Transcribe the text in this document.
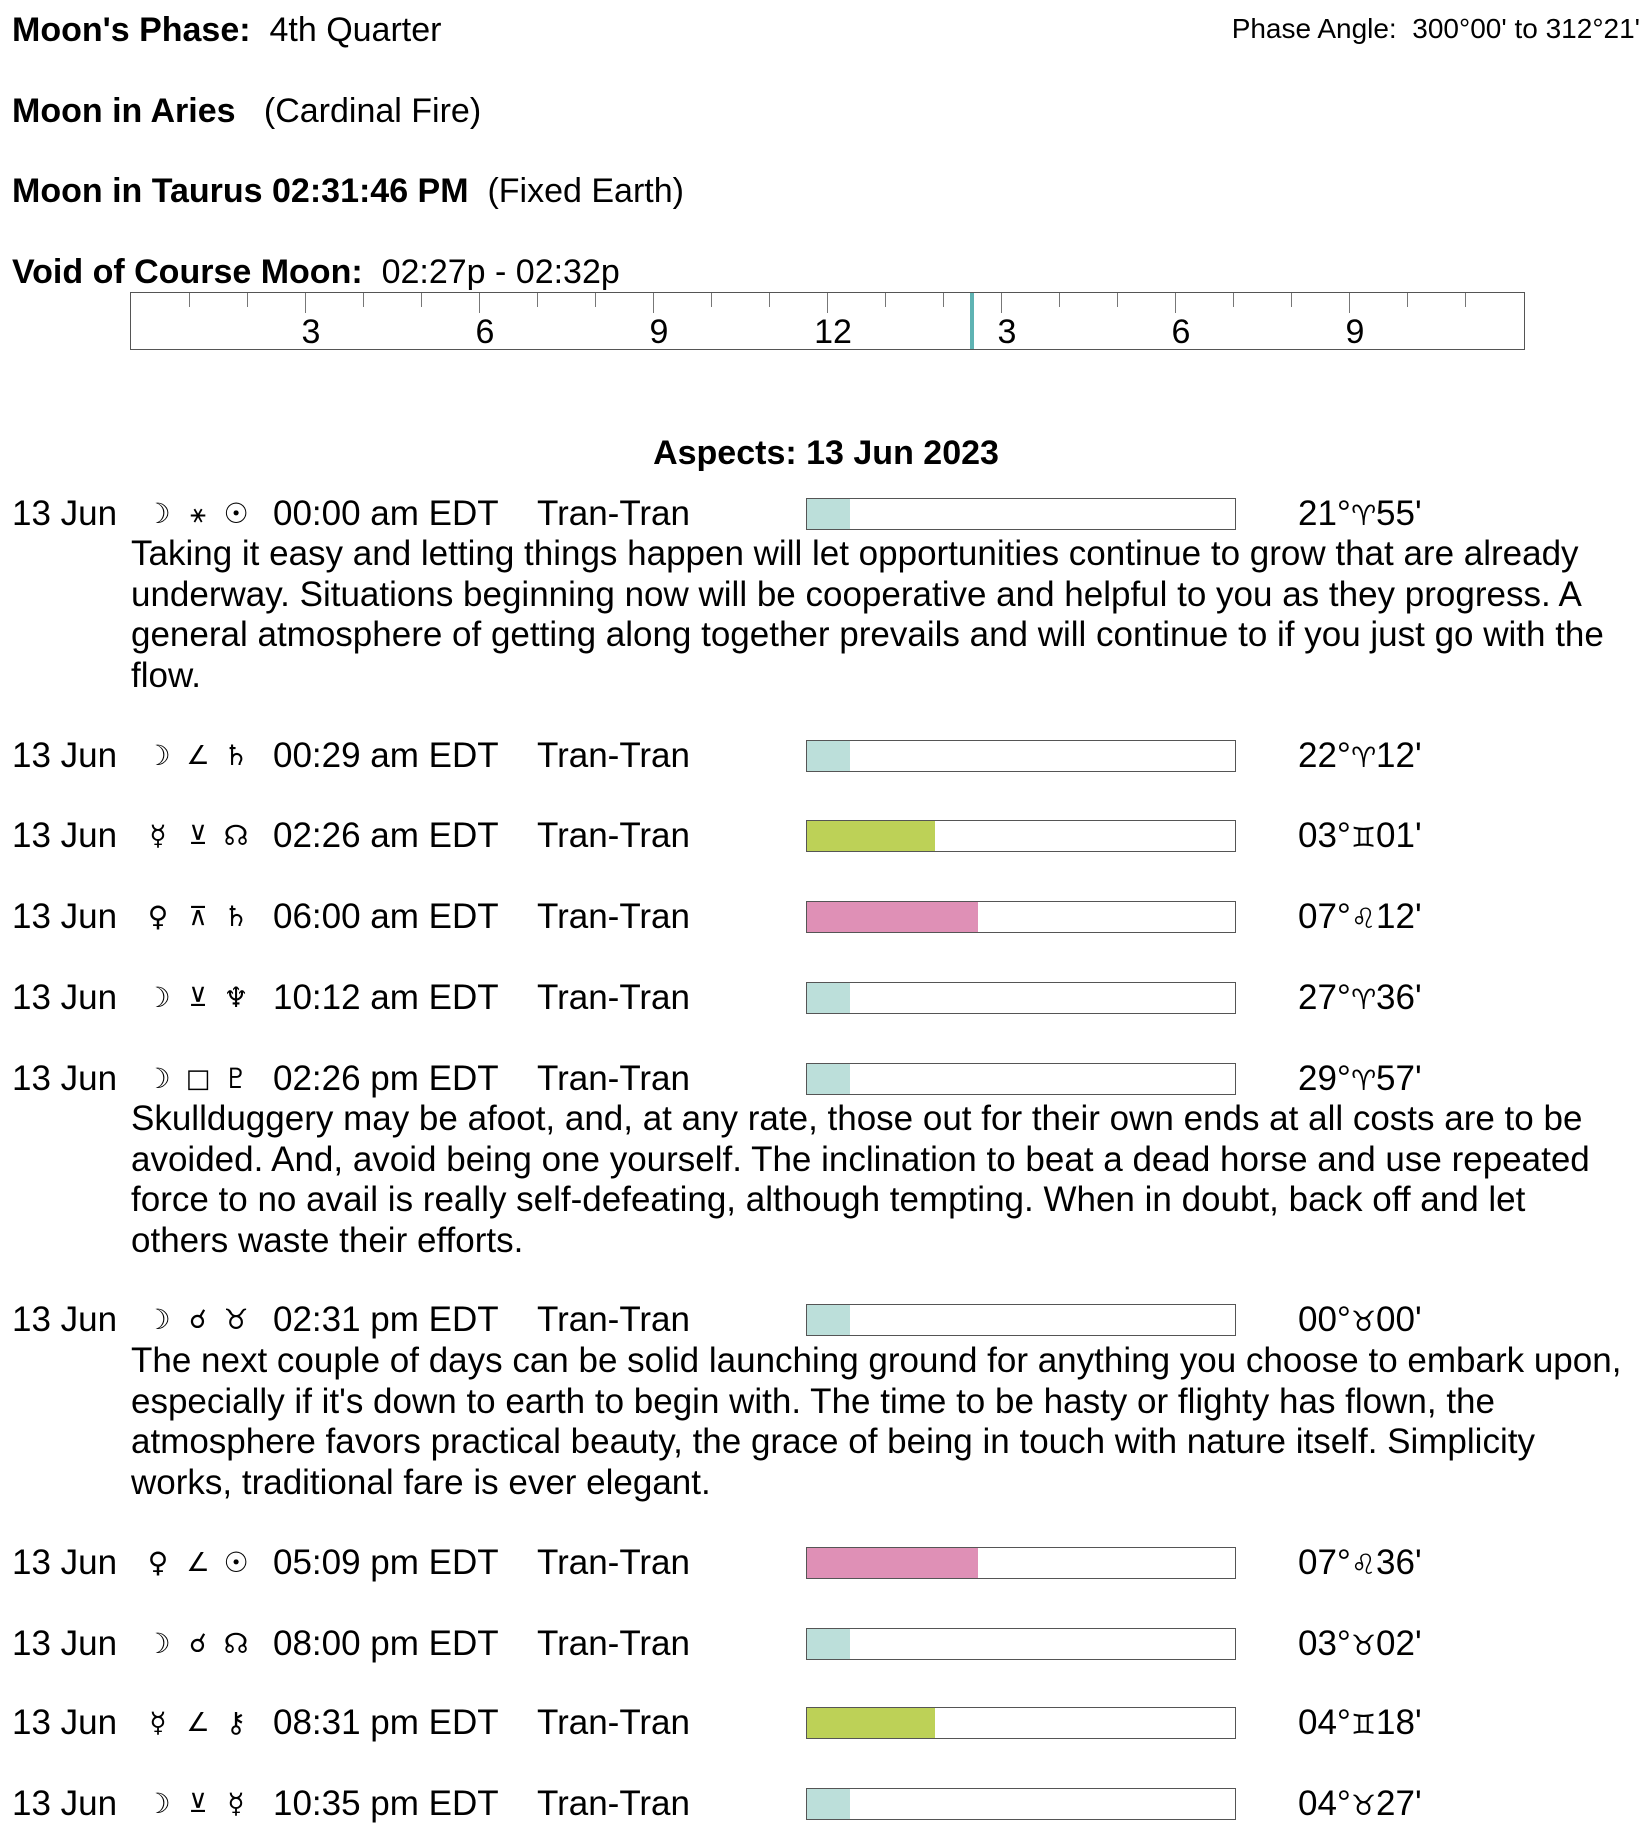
Moon's Phase: 4th Quarter	Phase Angle: 300°00' to 312°21'
Moon in Aries (Cardinal Fire)
Moon in Taurus 02:31:46 PM (Fixed Earth)
Void of Course Moon: 02:27p - 02:32p
3	6	9	12	3	6	9
Aspects: 13 Jun 2023
13 Jun ☽ ⚹ ☉ 00:00 am EDT Tran-Tran	21°♈55'
Taking it easy and letting things happen will let opportunities continue to grow that are already underway. Situations beginning now will be cooperative and helpful to you as they progress. A general atmosphere of getting along together prevails and will continue to if you just go with the flow.
13 Jun ☽ ∠ ♄ 00:29 am EDT Tran-Tran	22°♈12'
13 Jun	☿ ⊻ ☊ 02:26 am EDT Tran-Tran	03°♊01'
13 Jun ♀ ⊼ ♄ 06:00 am EDT Tran-Tran	07°♌12'
13 Jun ☽ ⊻ ♆ 10:12 am EDT Tran-Tran	27°♈36'
13 Jun ☽ □ ♇ 02:26 pm EDT Tran-Tran	29°♈57'
Skullduggery may be afoot, and, at any rate, those out for their own ends at all costs are to be avoided. And, avoid being one yourself. The inclination to beat a dead horse and use repeated force to no avail is really self-defeating, although tempting. When in doubt, back off and let others waste their efforts.
13 Jun ☽ ☌ ♉ 02:31 pm EDT Tran-Tran	00°♉00'
The next couple of days can be solid launching ground for anything you choose to embark upon, especially if it's down to earth to begin with. The time to be hasty or flighty has flown, the atmosphere favors practical beauty, the grace of being in touch with nature itself. Simplicity works, traditional fare is ever elegant.
13 Jun ♀ ∠ ☉ 05:09 pm EDT Tran-Tran	07°♌36'
13 Jun ☽ ☌ ☊ 08:00 pm EDT Tran-Tran	03°♉02'
13 Jun	☿ ∠ ⚷ 08:31 pm EDT Tran-Tran	04°♊18'
13 Jun ☽ ⊻ ☿ 10:35 pm EDT Tran-Tran	04°♉27'
